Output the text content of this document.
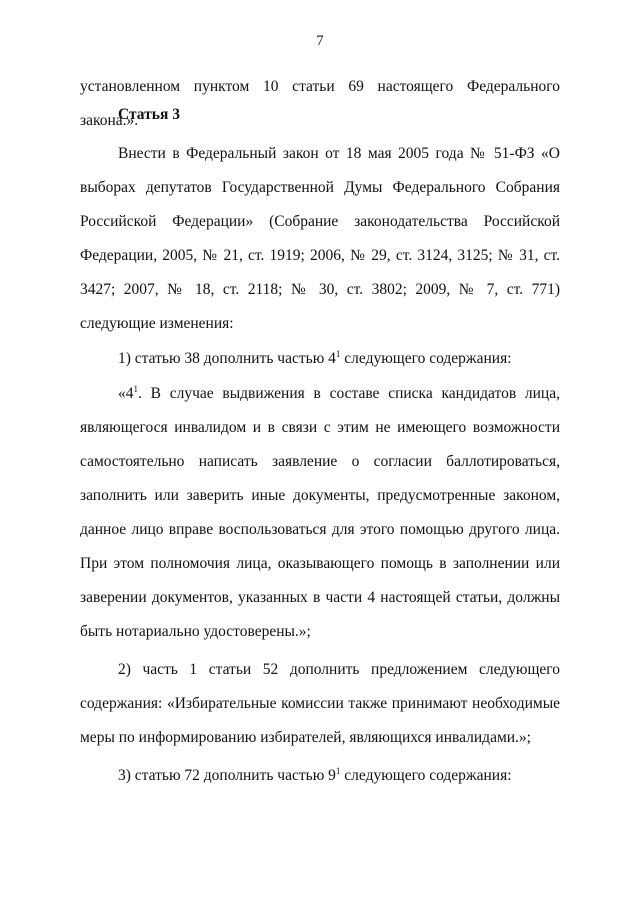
7

установленном пунктом 10 статьи 69 настоящего Федерального закона.».

Статья 3

Внести в Федеральный закон от 18 мая 2005 года № 51-ФЗ «О выборах депутатов Государственной Думы Федерального Собрания Российской Федерации» (Собрание законодательства Российской Федерации, 2005, № 21, ст. 1919; 2006, № 29, ст. 3124, 3125; № 31, ст. 3427; 2007, № 18, ст. 2118; № 30, ст. 3802; 2009, № 7, ст. 771) следующие изменения:

1) статью 38 дополнить частью $4^1$ следующего содержания:

«$4^1$. В случае выдвижения в составе списка кандидатов лица, являющегося инвалидом и в связи с этим не имеющего возможности самостоятельно написать заявление о согласии баллотироваться, заполнить или заверить иные документы, предусмотренные законом, данное лицо вправе воспользоваться для этого помощью другого лица. При этом полномочия лица, оказывающего помощь в заполнении или заверении документов, указанных в части 4 настоящей статьи, должны быть нотариально удостоверены.»;

2) часть 1 статьи 52 дополнить предложением следующего содержания: «Избирательные комиссии также принимают необходимые меры по информированию избирателей, являющихся инвалидами.»;

3) статью 72 дополнить частью $9^1$ следующего содержания:
